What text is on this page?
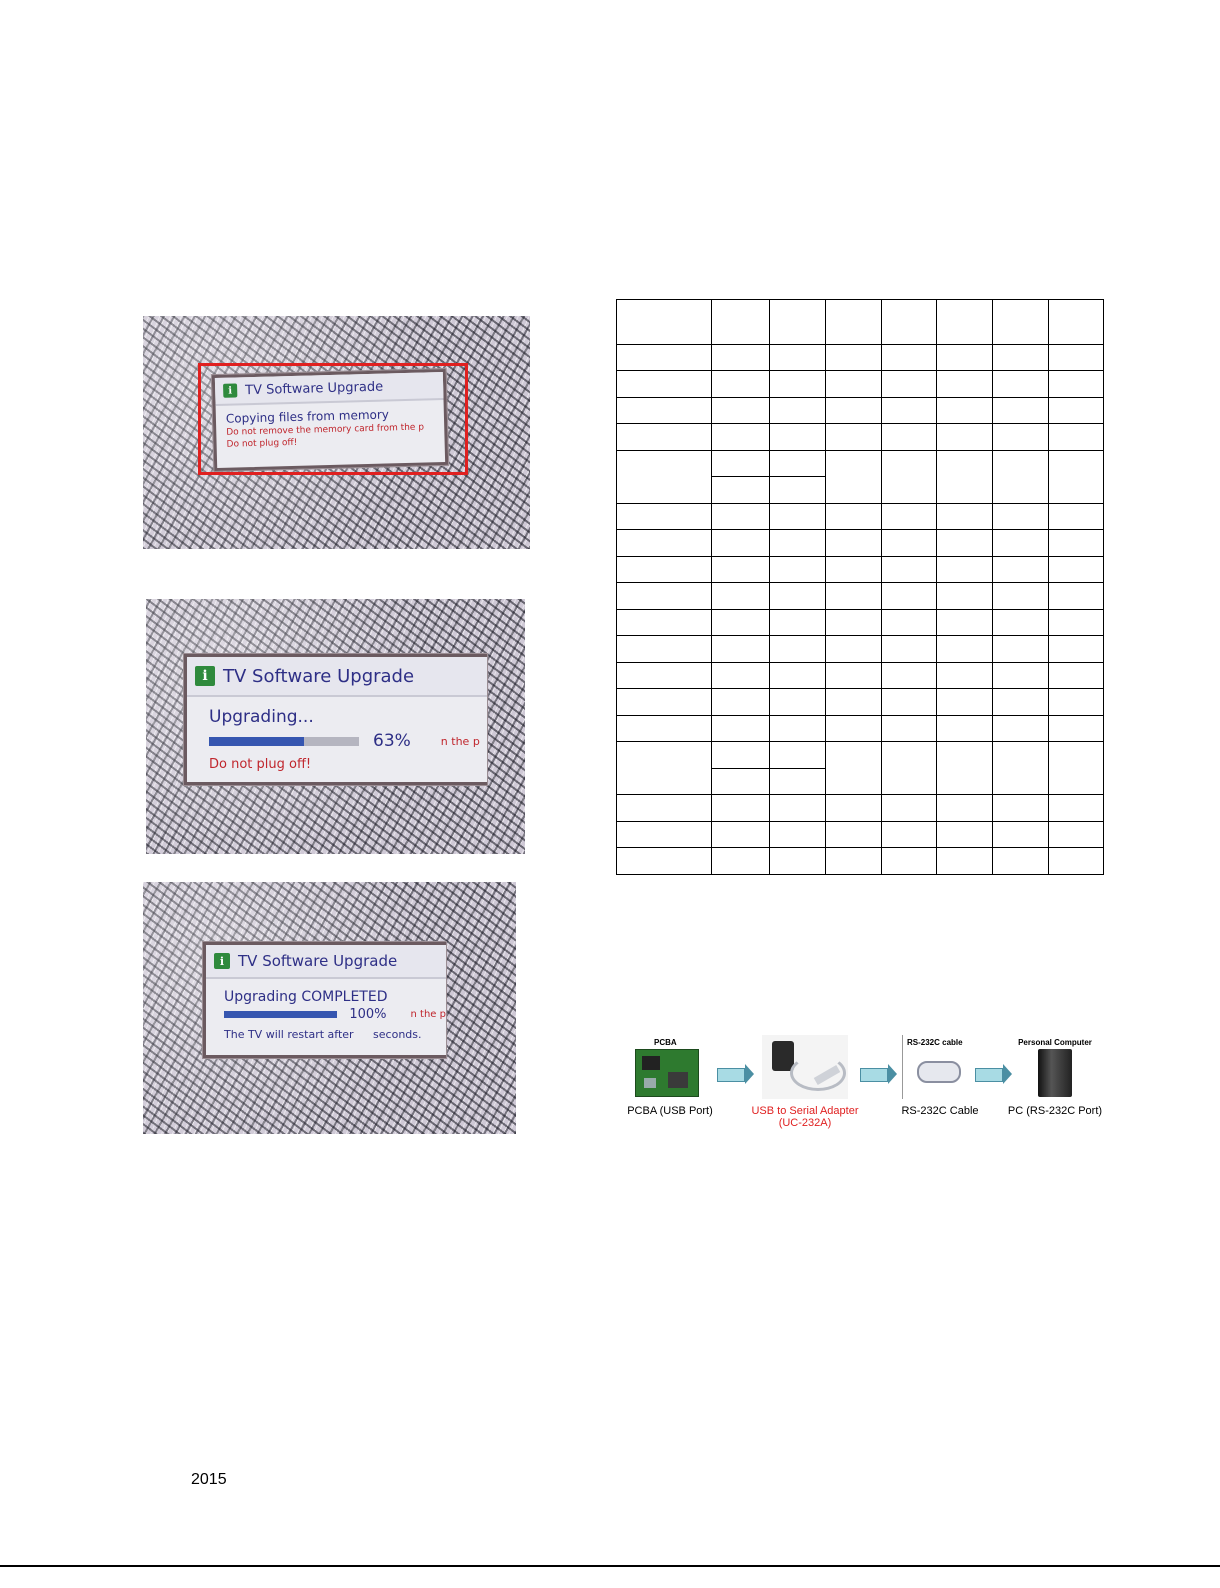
i TV Software Upgrade
Copying files from memory
Do not remove the memory card from the p
Do not plug off!
i TV Software Upgrade
Upgrading...
63%	n the p
Do not plug off!
i TV Software Upgrade
Upgrading COMPLETED
100% n the p
The TV will restart after seconds.

PCBA
PCBA (USB Port)	USB to Serial Adapter
(UC-232A)
RS-232C cable
RS-232C Cable
Personal Computer
PC (RS-232C Port)
2015
